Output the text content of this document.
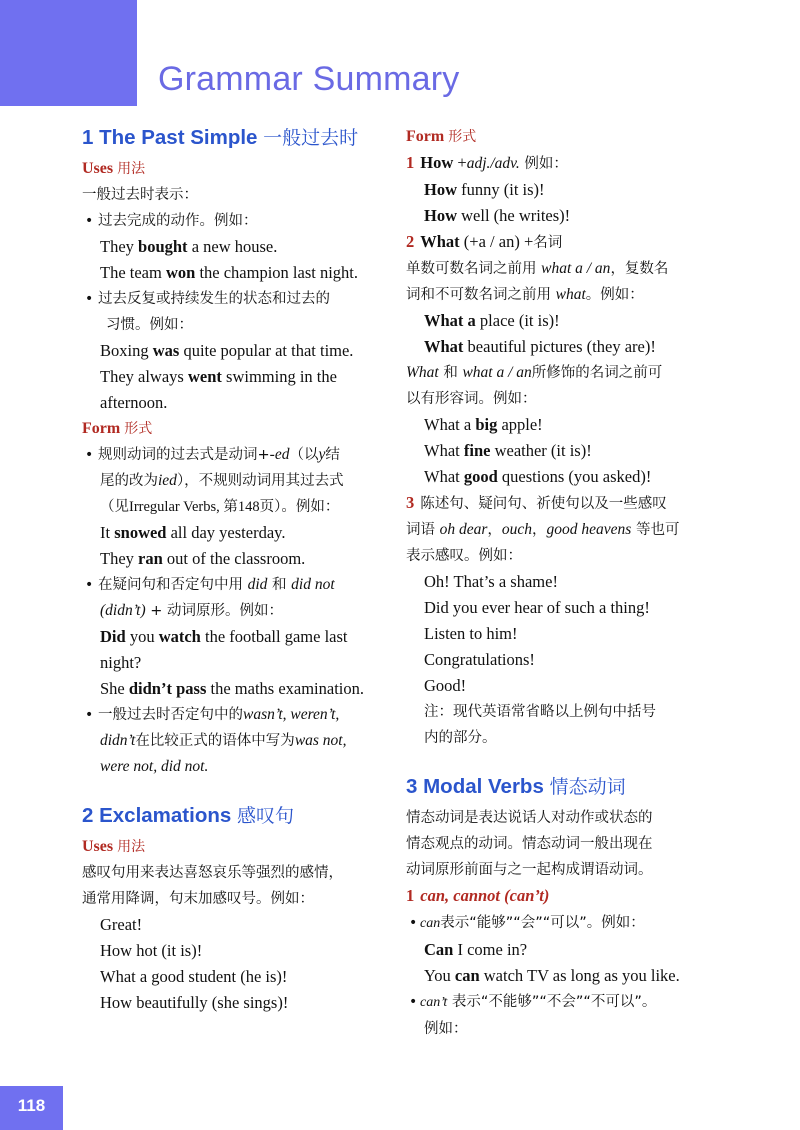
Grammar Summary
1 The Past Simple 一般过去时
Uses 用法
一般过去时表示：
• 过去完成的动作。例如：
They bought a new house.
The team won the champion last night.
• 过去反复或持续发生的状态和过去的
习惯。例如：
Boxing was quite popular at that time.
They always went swimming in the
afternoon.
Form 形式
• 规则动词的过去式是动词+-ed（以y结
尾的改为ied），不规则动词用其过去式
（见Irregular Verbs, 第148页）。例如：
It snowed all day yesterday.
They ran out of the classroom.
• 在疑问句和否定句中用 did 和 did not
(didn’t) + 动词原形。例如：
Did you watch the football game last
night?
She didn’t pass the maths examination.
• 一般过去时否定句中的wasn’t, weren’t,
didn’t在比较正式的语体中写为was not,
were not, did not.
2 Exclamations 感叹句
Uses 用法
感叹句用来表达喜怒哀乐等强烈的感情，
通常用降调，句末加感叹号。例如：
Great!
How hot (it is)!
What a good student (he is)!
How beautifully (she sings)!
Form 形式
1 How +adj./adv. 例如：
How funny (it is)!
How well (he writes)!
2 What (+a / an) +名词
单数可数名词之前用 what a / an，复数名
词和不可数名词之前用 what。例如：
What a place (it is)!
What beautiful pictures (they are)!
What 和 what a / an所修饰的名词之前可
以有形容词。例如：
What a big apple!
What fine weather (it is)!
What good questions (you asked)!
3 陈述句、疑问句、祈使句以及一些感叹
词语 oh dear，ouch，good heavens 等也可
表示感叹。例如：
Oh! That’s a shame!
Did you ever hear of such a thing!
Listen to him!
Congratulations!
Good!
注：现代英语常省略以上例句中括号
内的部分。
3 Modal Verbs 情态动词
情态动词是表达说话人对动作或状态的
情态观点的动词。情态动词一般出现在
动词原形前面与之一起构成谓语动词。
1 can, cannot (can’t)
• can表示“能够”“会”“可以”。例如：
Can I come in?
You can watch TV as long as you like.
• can’t 表示“不能够”“不会”“不可以”。
例如：
118
